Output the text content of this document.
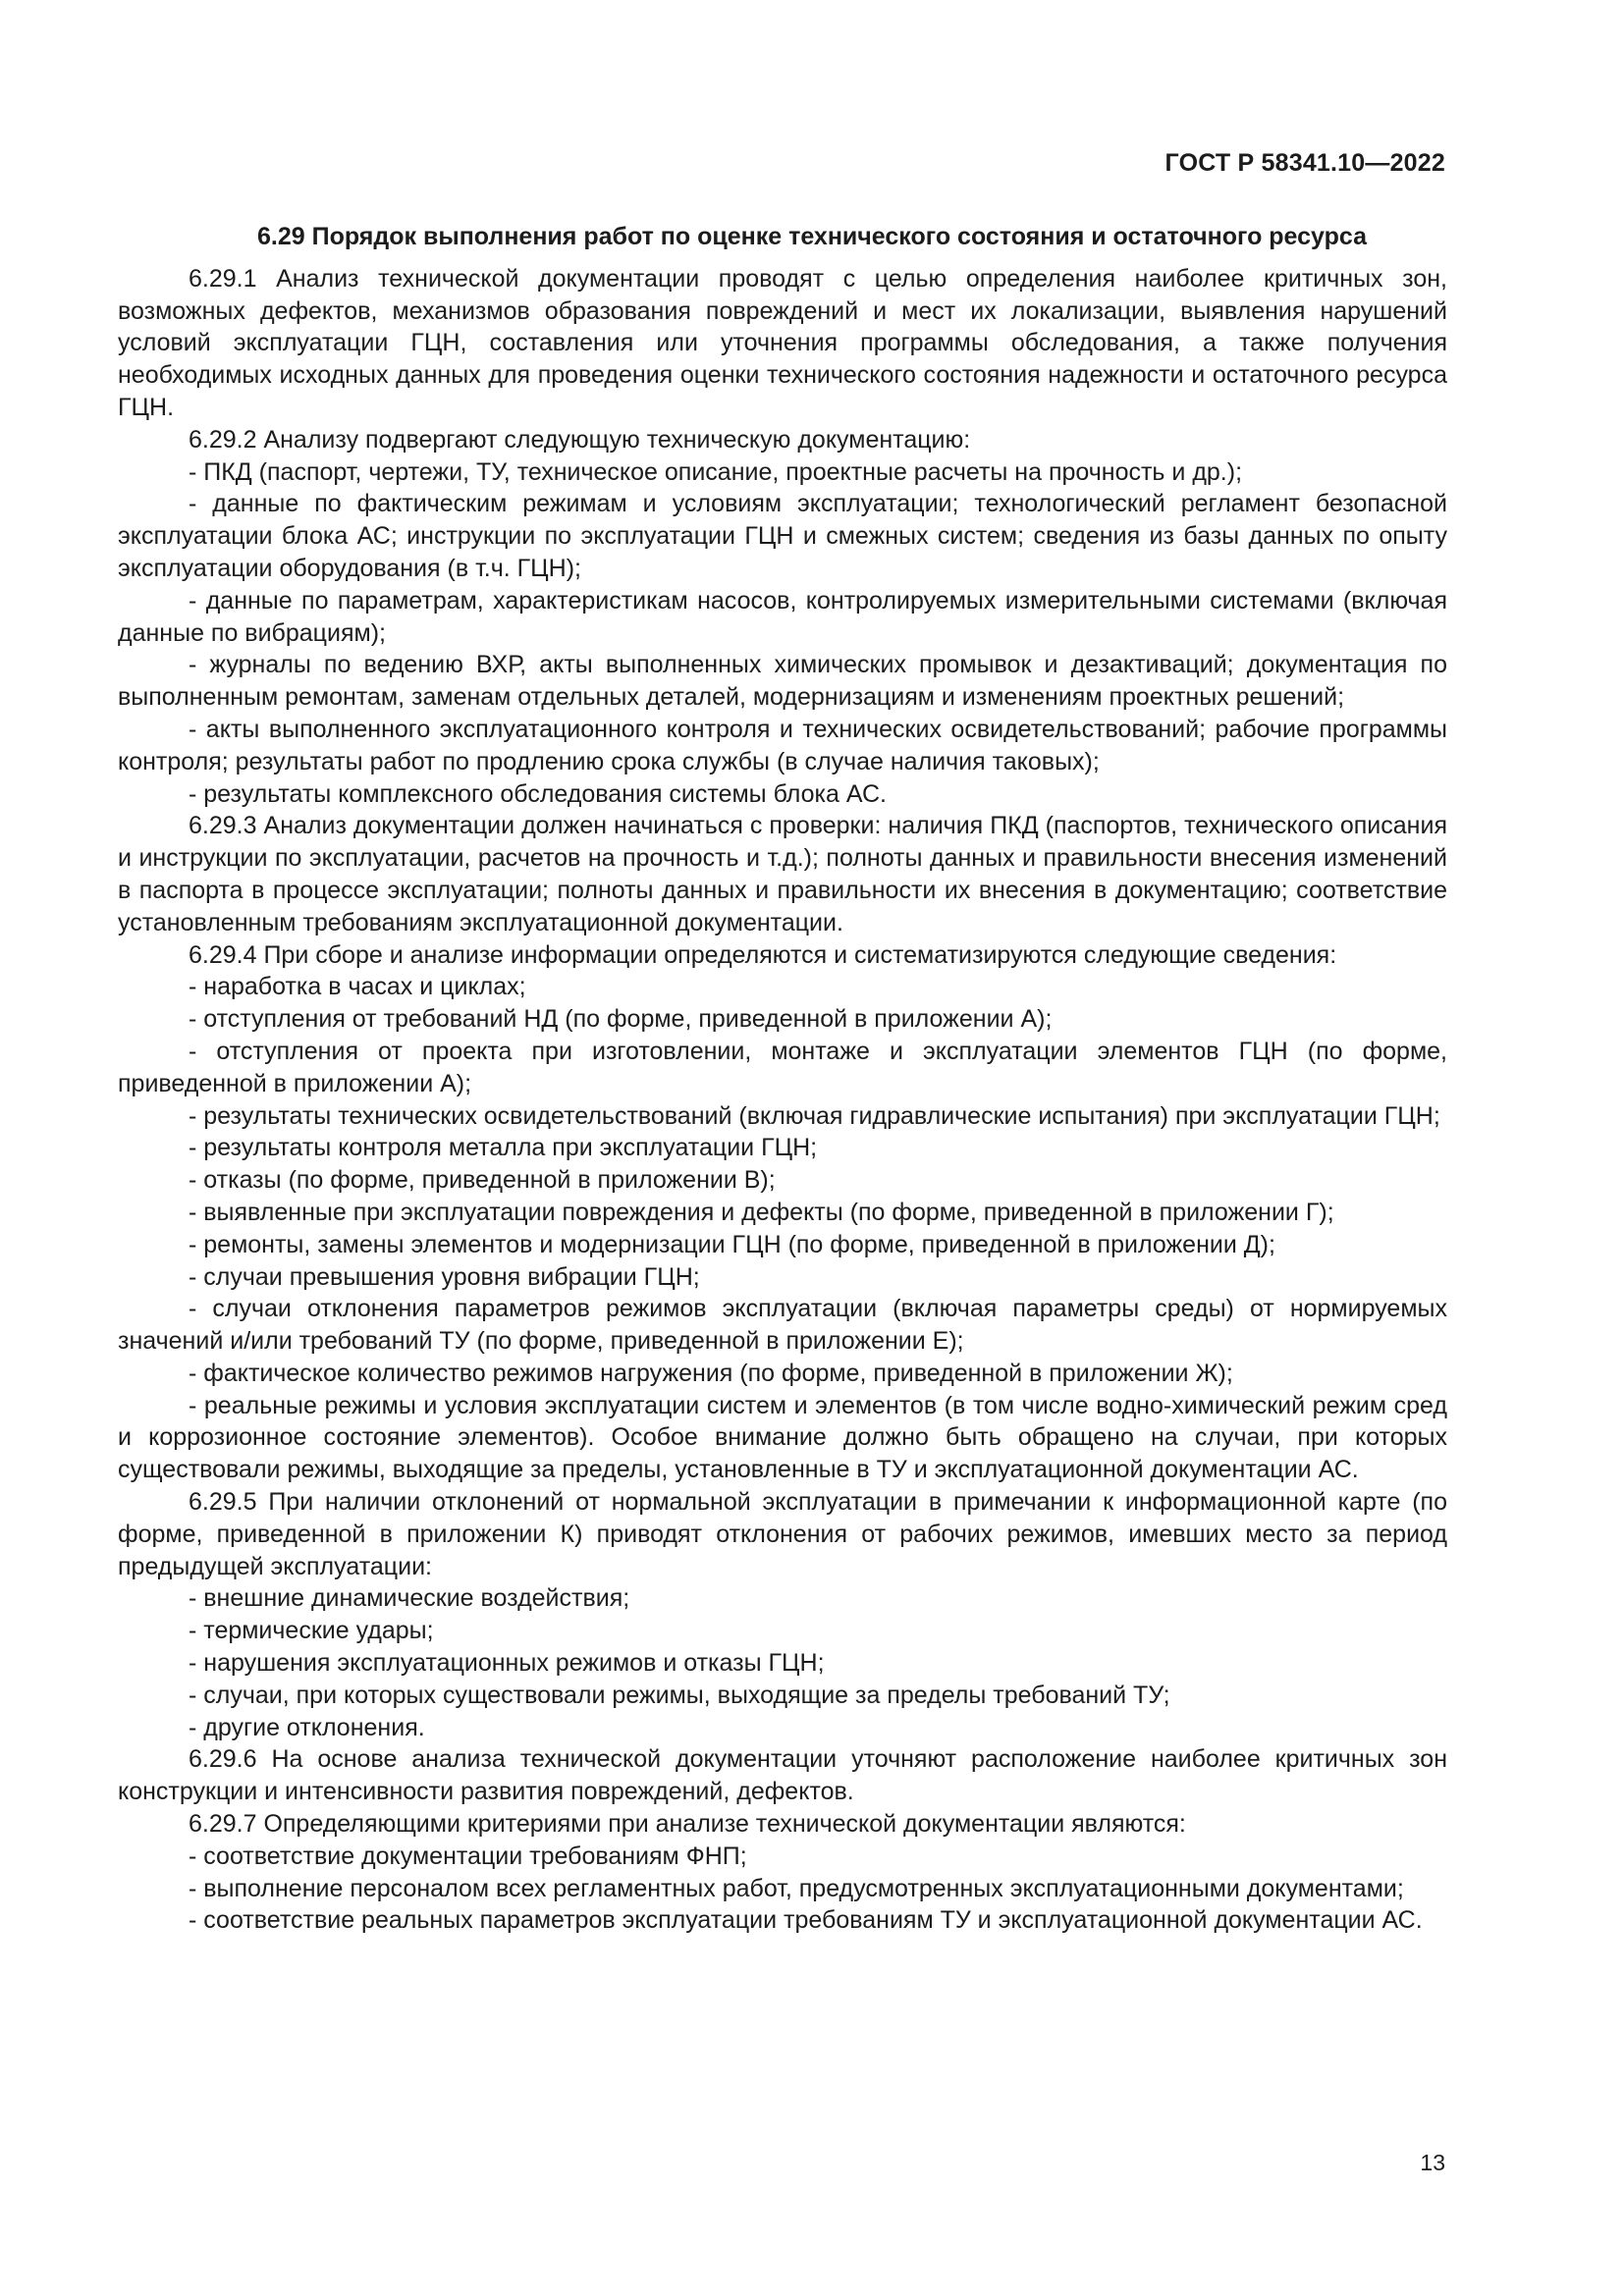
ГОСТ Р 58341.10—2022
6.29 Порядок выполнения работ по оценке технического состояния и остаточного ресурса

6.29.1 Анализ технической документации проводят с целью определения наиболее критичных зон, возможных дефектов, механизмов образования повреждений и мест их локализации, выявления нарушений условий эксплуатации ГЦН, составления или уточнения программы обследования, а также получения необходимых исходных данных для проведения оценки технического состояния надежности и остаточного ресурса ГЦН.

6.29.2 Анализу подвергают следующую техническую документацию:

- ПКД (паспорт, чертежи, ТУ, техническое описание, проектные расчеты на прочность и др.);

- данные по фактическим режимам и условиям эксплуатации; технологический регламент безопасной эксплуатации блока АС; инструкции по эксплуатации ГЦН и смежных систем; сведения из базы данных по опыту эксплуатации оборудования (в т.ч. ГЦН);

- данные по параметрам, характеристикам насосов, контролируемых измерительными системами (включая данные по вибрациям);

- журналы по ведению ВХР, акты выполненных химических промывок и дезактиваций; документация по выполненным ремонтам, заменам отдельных деталей, модернизациям и изменениям проектных решений;

- акты выполненного эксплуатационного контроля и технических освидетельствований; рабочие программы контроля; результаты работ по продлению срока службы (в случае наличия таковых);

- результаты комплексного обследования системы блока АС.

6.29.3 Анализ документации должен начинаться с проверки: наличия ПКД (паспортов, технического описания и инструкции по эксплуатации, расчетов на прочность и т.д.); полноты данных и правильности внесения изменений в паспорта в процессе эксплуатации; полноты данных и правильности их внесения в документацию; соответствие установленным требованиям эксплуатационной документации.

6.29.4 При сборе и анализе информации определяются и систематизируются следующие сведения:

- наработка в часах и циклах;

- отступления от требований НД (по форме, приведенной в приложении А);

- отступления от проекта при изготовлении, монтаже и эксплуатации элементов ГЦН (по форме, приведенной в приложении А);

- результаты технических освидетельствований (включая гидравлические испытания) при эксплуатации ГЦН;

- результаты контроля металла при эксплуатации ГЦН;

- отказы (по форме, приведенной в приложении В);

- выявленные при эксплуатации повреждения и дефекты (по форме, приведенной в приложении Г);

- ремонты, замены элементов и модернизации ГЦН (по форме, приведенной в приложении Д);

- случаи превышения уровня вибрации ГЦН;

- случаи отклонения параметров режимов эксплуатации (включая параметры среды) от нормируемых значений и/или требований ТУ (по форме, приведенной в приложении Е);

- фактическое количество режимов нагружения (по форме, приведенной в приложении Ж);

- реальные режимы и условия эксплуатации систем и элементов (в том числе водно-химический режим сред и коррозионное состояние элементов). Особое внимание должно быть обращено на случаи, при которых существовали режимы, выходящие за пределы, установленные в ТУ и эксплуатационной документации АС.

6.29.5 При наличии отклонений от нормальной эксплуатации в примечании к информационной карте (по форме, приведенной в приложении К) приводят отклонения от рабочих режимов, имевших место за период предыдущей эксплуатации:

- внешние динамические воздействия;

- термические удары;

- нарушения эксплуатационных режимов и отказы ГЦН;

- случаи, при которых существовали режимы, выходящие за пределы требований ТУ;

- другие отклонения.

6.29.6 На основе анализа технической документации уточняют расположение наиболее критичных зон конструкции и интенсивности развития повреждений, дефектов.

6.29.7 Определяющими критериями при анализе технической документации являются:

- соответствие документации требованиям ФНП;

- выполнение персоналом всех регламентных работ, предусмотренных эксплуатационными документами;

- соответствие реальных параметров эксплуатации требованиям ТУ и эксплуатационной документации АС.

13
